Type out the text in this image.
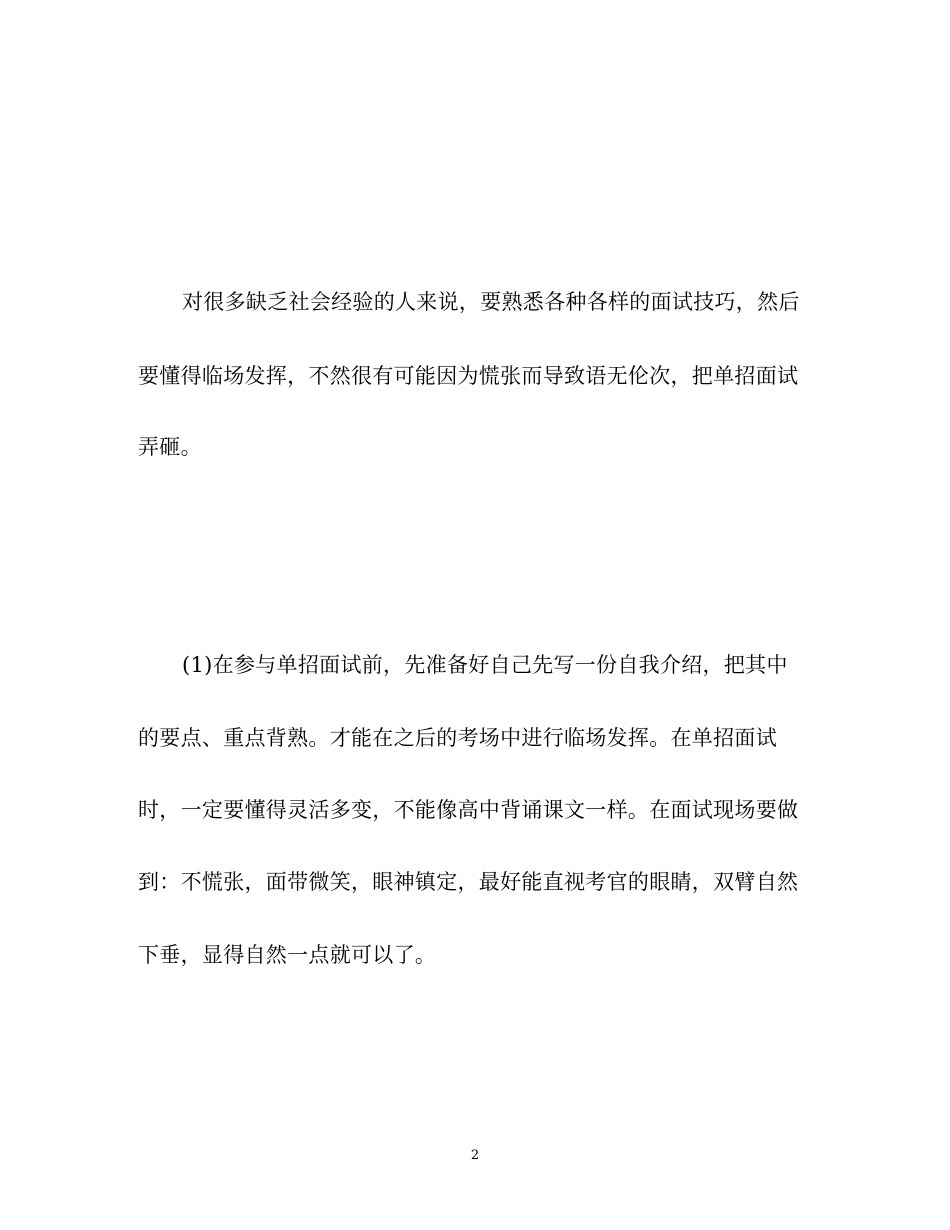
对很多缺乏社会经验的人来说，要熟悉各种各样的面试技巧，然后
要懂得临场发挥，不然很有可能因为慌张而导致语无伦次，把单招面试
弄砸。
(1)在参与单招面试前，先准备好自己先写一份自我介绍，把其中
的要点、重点背熟。才能在之后的考场中进行临场发挥。在单招面试
时，一定要懂得灵活多变，不能像高中背诵课文一样。在面试现场要做
到：不慌张，面带微笑，眼神镇定，最好能直视考官的眼睛，双臂自然
下垂，显得自然一点就可以了。
2
